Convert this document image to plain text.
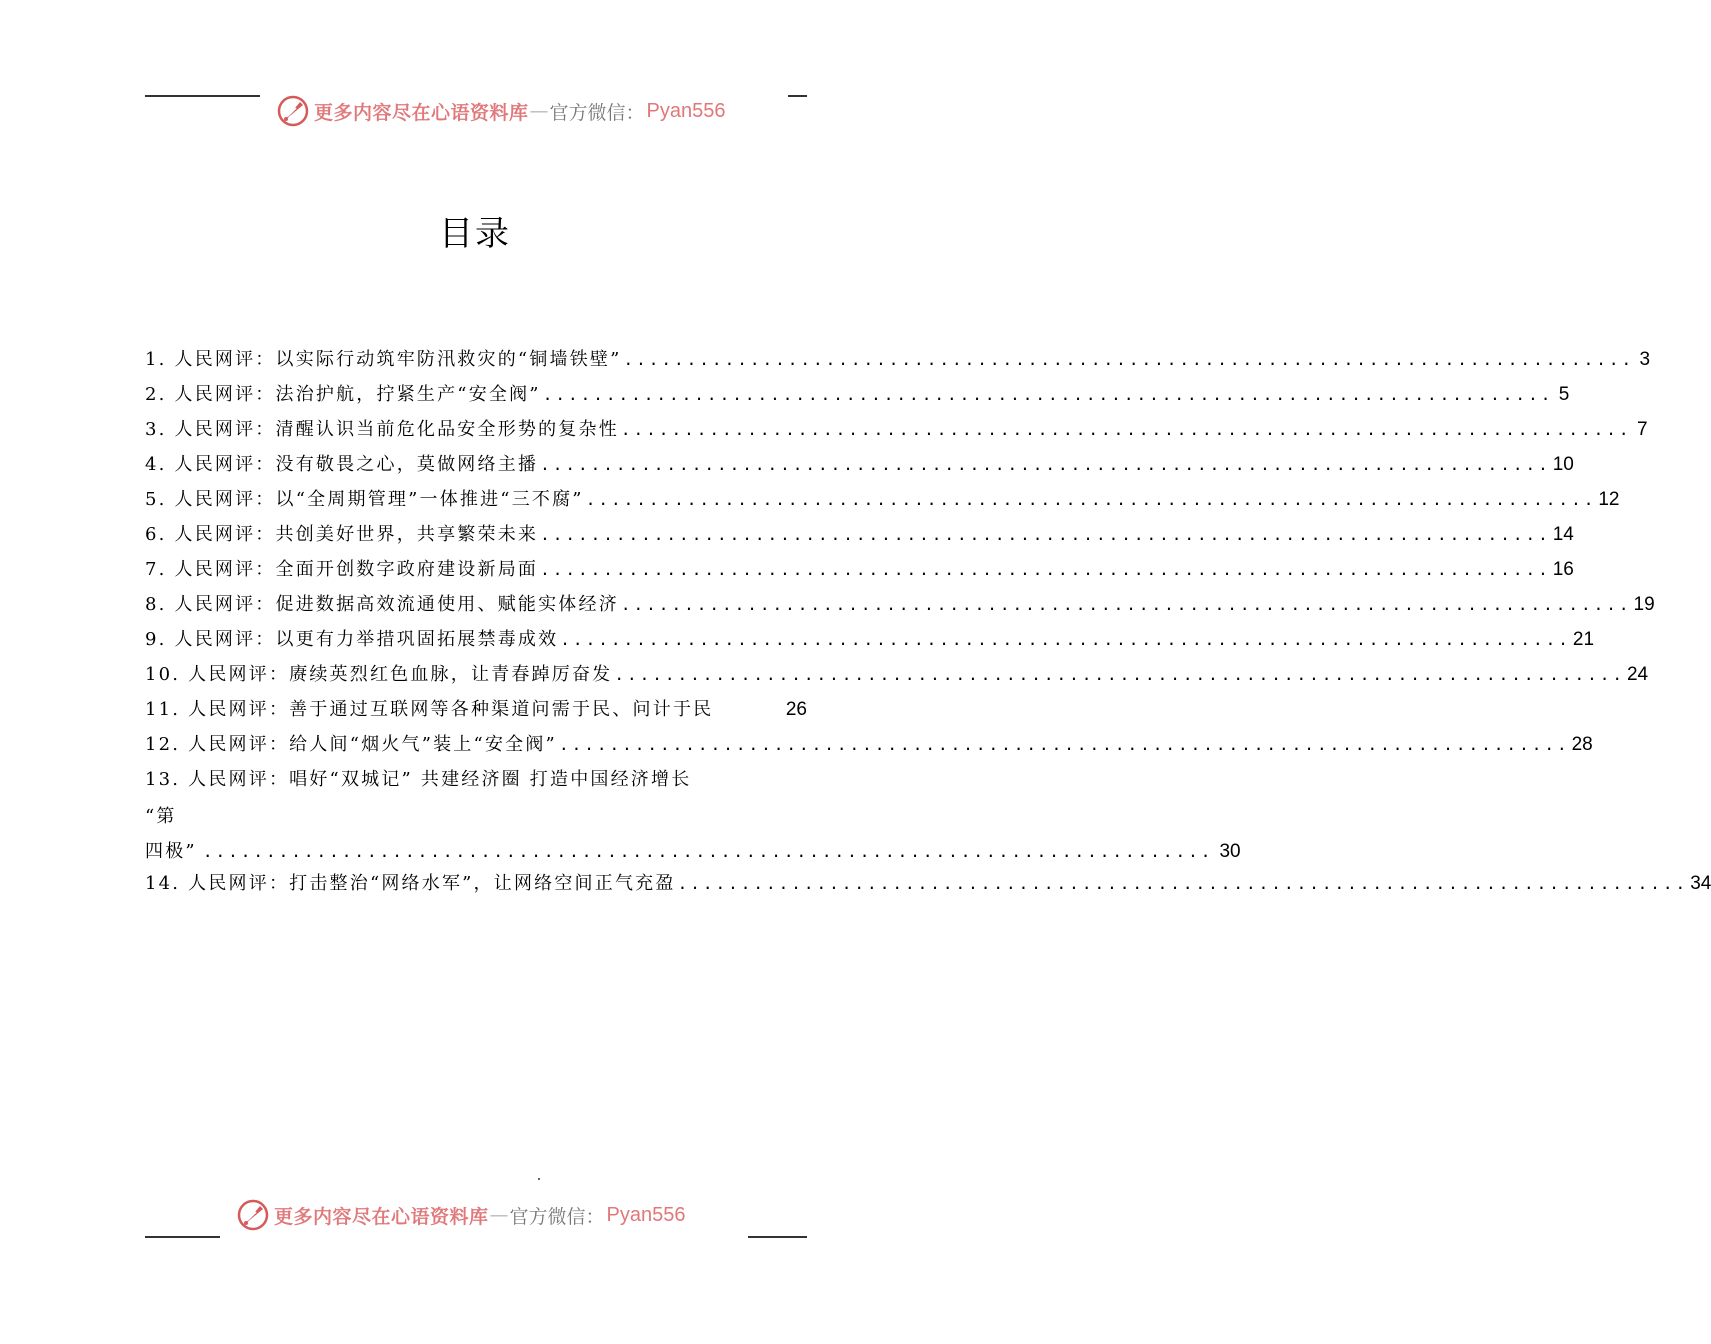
更多内容尽在心语资料库 — 官方微信： Pyan556
目录
1. 人民网评：以实际行动筑牢防汛救灾的“铜墙铁壁” ................................................................................ 3
2. 人民网评：法治护航，拧紧生产“安全阀” ................................................................................ 5
3. 人民网评：清醒认识当前危化品安全形势的复杂性 ................................................................................ 7
4. 人民网评：没有敬畏之心，莫做网络主播 ................................................................................ 10
5. 人民网评：以“全周期管理”一体推进“三不腐” ................................................................................ 12
6. 人民网评：共创美好世界，共享繁荣未来 ................................................................................ 14
7. 人民网评：全面开创数字政府建设新局面 ................................................................................ 16
8. 人民网评：促进数据高效流通使用、赋能实体经济 ................................................................................ 19
9. 人民网评：以更有力举措巩固拓展禁毒成效 ................................................................................ 21
10. 人民网评：赓续英烈红色血脉，让青春踔厉奋发 ................................................................................ 24
11. 人民网评：善于通过互联网等各种渠道问需于民、问计于民	26
12. 人民网评：给人间“烟火气”装上“安全阀” ................................................................................ 28
13. 人民网评：唱好“双城记” 共建经济圈 打造中国经济增长
“第
四极” ................................................................................ 30
14. 人民网评：打击整治“网络水军”，让网络空间正气充盈 ................................................................................ 34
更多内容尽在心语资料库 — 官方微信： Pyan556
